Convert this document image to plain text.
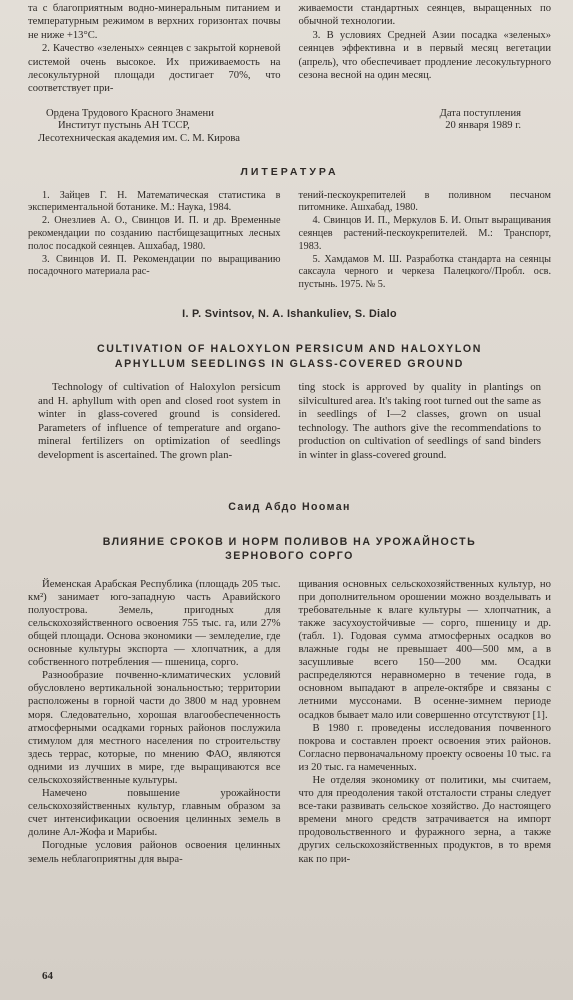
та с благоприятным водно-минеральным питанием и температурным режимом в верхних горизонтах почвы не ниже +13°С.

2. Качество «зеленых» сеянцев с закрытой корневой системой очень высокое. Их приживаемость на лесокультурной площади достигает 70%, что соответствует при-

живаемости стандартных сеянцев, выращенных по обычной технологии.

3. В условиях Средней Азии посадка «зеленых» сеянцев эффективна и в первый месяц вегетации (апрель), что обеспечивает продление лесокультурного сезона весной на один месяц.

Ордена Трудового Красного Знамени
Институт пустынь АН ТССР,
Лесотехническая академия им. С. М. Кирова
Дата поступления
20 января 1989 г.
ЛИТЕРАТУРА

1. Зайцев Г. Н. Математическая статистика в экспериментальной ботанике. М.: Наука, 1984.

2. Онезлиев А. О., Свинцов И. П. и др. Временные рекомендации по созданию пастбищезащитных лесных полос посадкой сеянцев. Ашхабад, 1980.

3. Свинцов И. П. Рекомендации по выращиванию посадочного материала рас-

тений-пескоукрепителей в поливном песчаном питомнике. Ашхабад, 1980.

4. Свинцов И. П., Меркулов Б. И. Опыт выращивания сеянцев растений-пескоукрепителей. М.: Транспорт, 1983.

5. Хамдамов М. Ш. Разработка стандарта на сеянцы саксаула черного и черкеза Палецкого//Пробл. осв. пустынь. 1975. № 5.

I. P. Svintsov, N. A. Ishankuliev, S. Dialo
CULTIVATION OF HALOXYLON PERSICUM AND HALOXYLON
APHYLLUM SEEDLINGS IN GLASS-COVERED GROUND

Technology of cultivation of Haloxylon persicum and H. aphyllum with open and closed root system in winter in glass-covered ground is considered. Parameters of influence of temperature and organo-mineral fertilizers on optimization of seedlings development is ascertained. The grown plan-

ting stock is approved by quality in plantings on silvicultured area. It's taking root turned out the same as in seedlings of I—2 classes, grown on usual technology. The authors give the recommendations to production on cultivation of seedlings of sand binders in winter in glass-covered ground.

Саид Абдо Нооман
ВЛИЯНИЕ СРОКОВ И НОРМ ПОЛИВОВ НА УРОЖАЙНОСТЬ
ЗЕРНОВОГО СОРГО

Йеменская Арабская Республика (площадь 205 тыс. км²) занимает юго-западную часть Аравийского полуострова. Земель, пригодных для сельскохозяйственного освоения 755 тыс. га, или 27% общей площади. Основа экономики — земледелие, где основные культуры экспорта — хлопчатник, а для собственного потребления — пшеница, сорго.

Разнообразие почвенно-климатических условий обусловлено вертикальной зональностью; территории расположены в горной части до 3800 м над уровнем моря. Следовательно, хорошая влагообеспеченность атмосферными осадками горных районов послужила стимулом для местного населения по строительству здесь террас, которые, по мнению ФАО, являются одними из лучших в мире, где выращиваются все сельскохозяйственные культуры.

Намечено повышение урожайности сельскохозяйственных культур, главным образом за счет интенсификации освоения целинных земель в долине Ал-Жофа и Марибы.

Погодные условия районов освоения целинных земель неблагоприятны для выра-

щивания основных сельскохозяйственных культур, но при дополнительном орошении можно возделывать и требовательные к влаге культуры — хлопчатник, а также засухоустойчивые — сорго, пшеницу и др. (табл. 1). Годовая сумма атмосферных осадков во влажные годы не превышает 400—500 мм, а в засушливые всего 150—200 мм. Осадки распределяются неравномерно в течение года, в основном выпадают в апреле-октябре и связаны с летними муссонами. В осенне-зимнем периоде осадков бывает мало или совершенно отсутствуют [1].

В 1980 г. проведены исследования почвенного покрова и составлен проект освоения этих районов. Согласно первоначальному проекту освоены 10 тыс. га из 20 тыс. га намеченных.

Не отделяя экономику от политики, мы считаем, что для преодоления такой отсталости страны следует все-таки развивать сельское хозяйство. До настоящего времени много средств затрачивается на импорт продовольственного и фуражного зерна, а также других сельскохозяйственных продуктов, в то время как по при-

64
